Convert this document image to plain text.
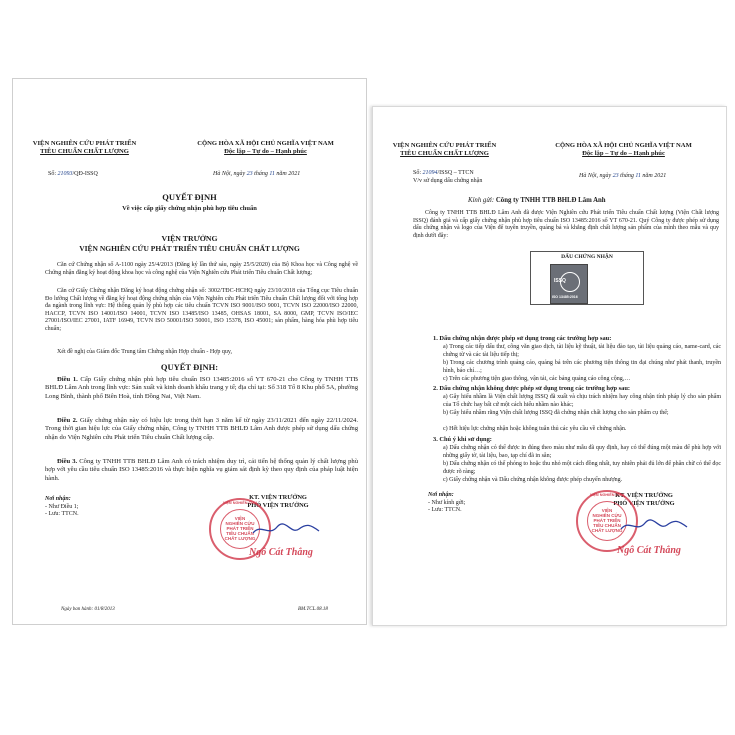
VIỆN NGHIÊN CỨU PHÁT TRIỂN
TIÊU CHUẨN CHẤT LƯỢNG
CỘNG HÒA XÃ HỘI CHỦ NGHĨA VIỆT NAM
Độc lập – Tự do – Hạnh phúc
Số: 21093/QĐ-ISSQ	Hà Nội, ngày 23 tháng 11 năm 2021
QUYẾT ĐỊNH
Về việc cấp giấy chứng nhận phù hợp tiêu chuẩn
VIỆN TRƯỞNG
VIỆN NGHIÊN CỨU PHÁT TRIỂN TIÊU CHUẨN CHẤT LƯỢNG
Căn cứ Chứng nhận số A-1100 ngày 25/4/2013 (Đăng ký lần thứ sáu, ngày 25/5/2020) của Bộ Khoa học và Công nghệ về Chứng nhận đăng ký hoạt động khoa học và công nghệ của Viện Nghiên cứu Phát triển Tiêu chuẩn Chất lượng;
Căn cứ Giấy Chứng nhận Đăng ký hoạt động chứng nhận số: 3002/TĐC-HCHQ ngày 23/10/2018 của Tổng cục Tiêu chuẩn Đo lường Chất lượng về đăng ký hoạt động chứng nhận của Viện Nghiên cứu Phát triển Tiêu chuẩn Chất lượng đối với tổng hợp đa ngành trong lĩnh vực: Hệ thống quản lý phù hợp các tiêu chuẩn TCVN ISO 9001/ISO 9001, TCVN ISO 22000/ISO 22000, HACCP, TCVN ISO 14001/ISO 14001, TCVN ISO 13485/ISO 13485, OHSAS 18001, SA 8000, GMP, TCVN ISO/IEC 27001/ISO/IEC 27001, IATF 16949, TCVN ISO 50001/ISO 50001, ISO 15378, ISO 45001; sản phẩm, hàng hóa phù hợp tiêu chuẩn;
Xét đề nghị của Giám đốc Trung tâm Chứng nhận Hợp chuẩn - Hợp quy,
QUYẾT ĐỊNH:
Điều 1. Cấp Giấy chứng nhận phù hợp tiêu chuẩn ISO 13485:2016 số YT 670-21 cho Công ty TNHH TTB BHLĐ Lâm Anh trong lĩnh vực: Sản xuất và kinh doanh khẩu trang y tế; địa chỉ tại: Số 318 Tổ 8 Khu phố 5A, phường Long Bình, thành phố Biên Hoà, tỉnh Đồng Nai, Việt Nam.
Điều 2. Giấy chứng nhận này có hiệu lực trong thời hạn 3 năm kể từ ngày 23/11/2021 đến ngày 22/11/2024. Trong thời gian hiệu lực của Giấy chứng nhận, Công ty TNHH TTB BHLĐ Lâm Anh được phép sử dụng dấu chứng nhận do Viện Nghiên cứu Phát triển Tiêu chuẩn Chất lượng cấp.
Điều 3. Công ty TNHH TTB BHLĐ Lâm Anh có trách nhiệm duy trì, cải tiến hệ thống quản lý chất lượng phù hợp với yêu cầu tiêu chuẩn ISO 13485:2016 và thực hiện nghĩa vụ giám sát định kỳ theo quy định của pháp luật hiện hành.
Nơi nhận:
- Như Điều 1;
- Lưu: TTCN.
KT. VIỆN TRƯỞNG
PHÓ VIỆN TRƯỞNG
VIỆN NGHIÊN CỨU
VIỆN
NGHIÊN CỨU
PHÁT TRIỂN
TIÊU CHUẨN
CHẤT LƯỢNG
Ngô Cát Thắng
Ngày ban hành: 01/8/2013	BM.TCL.08.18
VIỆN NGHIÊN CỨU PHÁT TRIỂN
TIÊU CHUẨN CHẤT LƯỢNG
CỘNG HÒA XÃ HỘI CHỦ NGHĨA VIỆT NAM
Độc lập – Tự do – Hạnh phúc
Số: 21094/ISSQ – TTCN
V/v sử dụng dấu chứng nhận
Hà Nội, ngày 23 tháng 11 năm 2021
Kính gửi: Công ty TNHH TTB BHLĐ Lâm Anh
Công ty TNHH TTB BHLĐ Lâm Anh đã được Viện Nghiên cứu Phát triển Tiêu chuẩn Chất lượng (Viện Chất lượng ISSQ) đánh giá và cấp giấy chứng nhận phù hợp tiêu chuẩn ISO 13485:2016 số YT 670-21. Quý Công ty được phép sử dụng dấu chứng nhận và logo của Viện để tuyên truyền, quảng bá và khẳng định chất lượng sản phẩm của mình theo mẫu và quy định dưới đây:
DẤU CHỨNG NHẬN
ISSQ
ISO 13485:2016
1. Dấu chứng nhận được phép sử dụng trong các trường hợp sau:
a) Trong các tiếp dấu thư, công văn giao dịch, tài liệu kỹ thuật, tài liệu đào tạo, tài liệu quảng cáo, name-card, các chứng từ và các tài liệu tiếp thị;
b) Trong các chương trình quảng cáo, quảng bá trên các phương tiện thông tin đại chúng như phát thanh, truyền hình, báo chí…;
c) Trên các phương tiện giao thông, vận tải, các bảng quảng cáo công cộng,…
2. Dấu chứng nhận không được phép sử dụng trong các trường hợp sau:
a) Gây hiểu nhầm là Viện chất lượng ISSQ đã xuất và chịu trách nhiệm hay công nhận tính pháp lý cho sản phẩm của Tổ chức hay bất cứ một cách hiểu nhầm nào khác;
b) Gây hiểu nhầm rằng Viện chất lượng ISSQ đã chứng nhận chất lượng cho sản phẩm cụ thể;
c) Hết hiệu lực chứng nhận hoặc không tuân thủ các yêu cầu về chứng nhận.
3. Chú ý khi sử dụng:
a) Dấu chứng nhận có thể được in đúng theo màu như mẫu đã quy định, hay có thể đúng một màu để phù hợp với những giấy tờ, tài liệu, bao, tạp chí đã in sẵn;
b) Dấu chứng nhận có thể phóng to hoặc thu nhỏ một cách đồng nhất, tuy nhiên phải đủ lớn để phân chữ có thể đọc được rõ ràng;
c) Giấy chứng nhận và Dấu chứng nhận không được phép chuyển nhượng.
Nơi nhận:
- Như kính gửi;
- Lưu: TTCN.
KT. VIỆN TRƯỞNG
PHÓ VIỆN TRƯỞNG
VIỆN NGHIÊN CỨU
VIỆN
NGHIÊN CỨU
PHÁT TRIỂN
TIÊU CHUẨN
CHẤT LƯỢNG
Ngô Cát Thắng
